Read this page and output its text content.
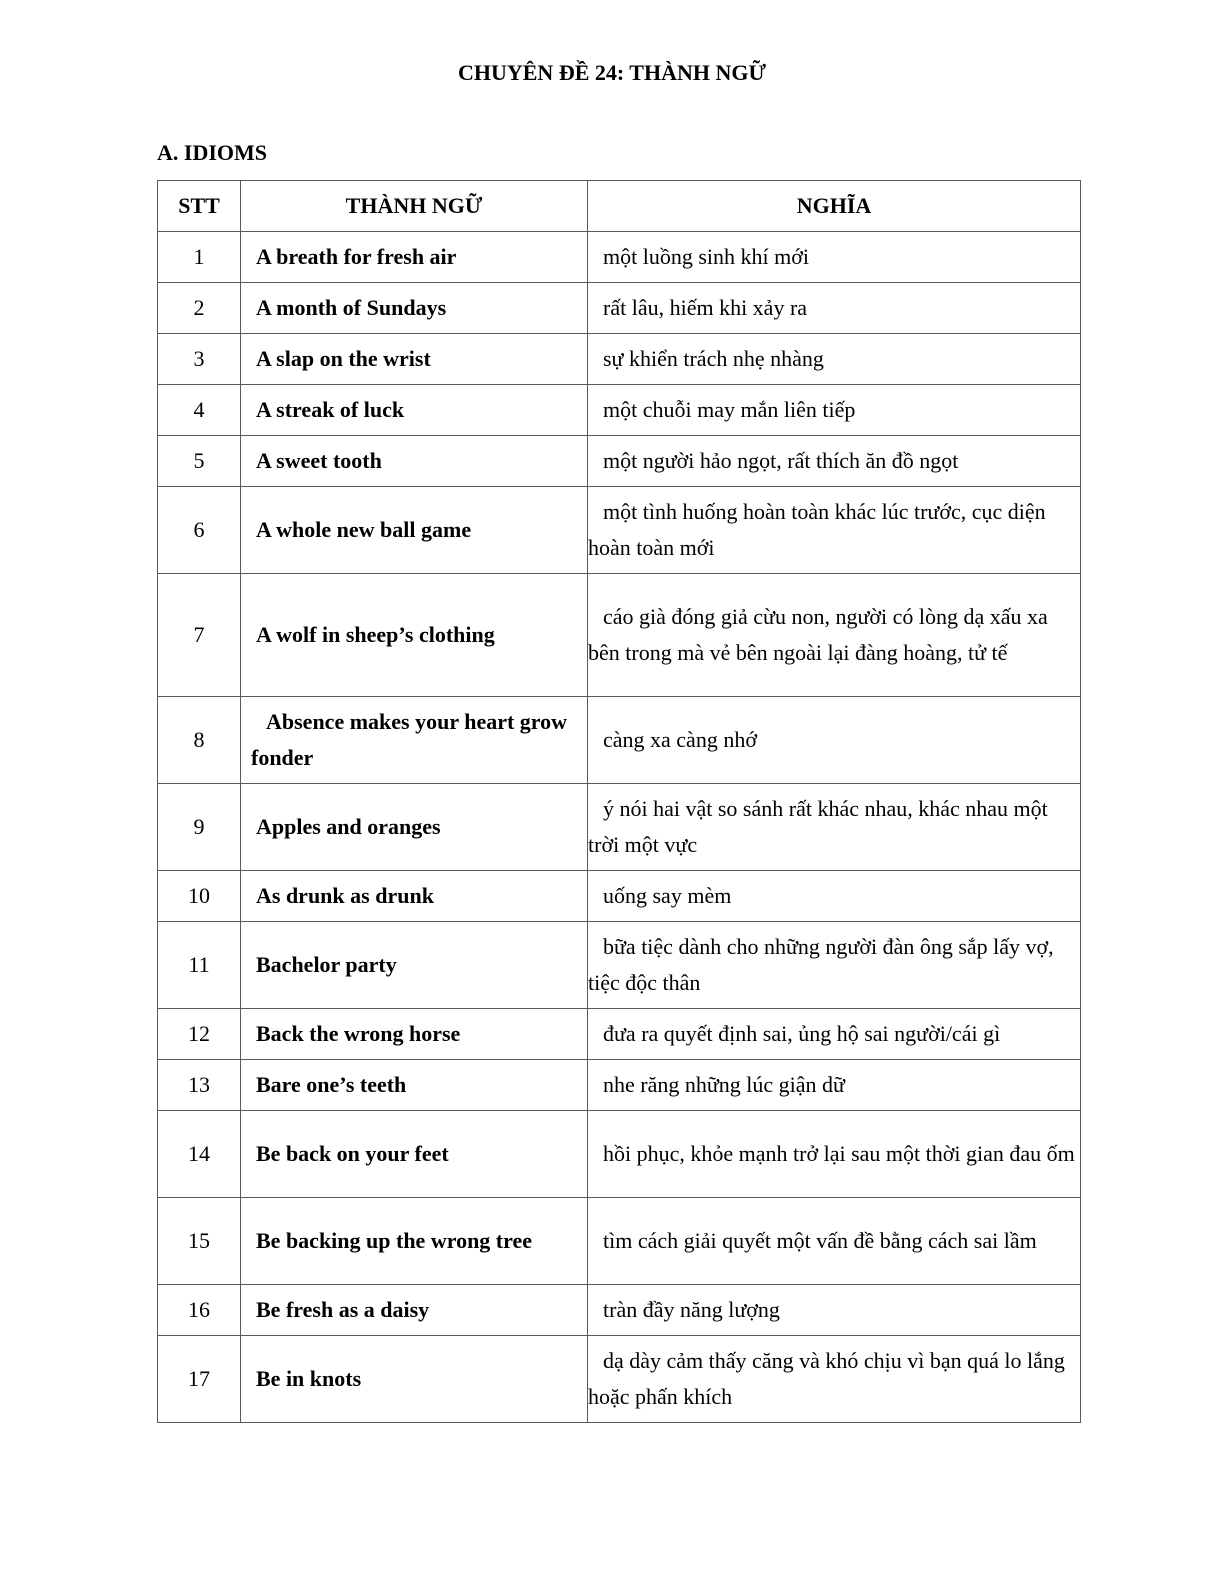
CHUYÊN ĐỀ 24: THÀNH NGỮ
A. IDIOMS
STT	THÀNH NGỮ	NGHĨA
1	A breath for fresh air	một luồng sinh khí mới

2	A month of Sundays	rất lâu, hiếm khi xảy ra

3	A slap on the wrist	sự khiển trách nhẹ nhàng

4	A streak of luck	một chuỗi may mắn liên tiếp

5	A sweet tooth	một người hảo ngọt, rất thích ăn đồ ngọt

6	A whole new ball game	một tình huống hoàn toàn khác lúc trước, cục diện hoàn toàn mới

7	A wolf in sheep’s clothing	cáo già đóng giả cừu non, người có lòng dạ xấu xa bên trong mà vẻ bên ngoài lại đàng hoàng, tử tế

8	Absence makes your heart grow fonder	càng xa càng nhớ

9	Apples and oranges	ý nói hai vật so sánh rất khác nhau, khác nhau một trời một vực

10	As drunk as drunk	uống say mèm

11	Bachelor party	bữa tiệc dành cho những người đàn ông sắp lấy vợ, tiệc độc thân

12	Back the wrong horse	đưa ra quyết định sai, ủng hộ sai người/cái gì

13	Bare one’s teeth	nhe răng những lúc giận dữ

14	Be back on your feet	hồi phục, khỏe mạnh trở lại sau một thời gian đau ốm

15	Be backing up the wrong tree	tìm cách giải quyết một vấn đề bằng cách sai lầm

16	Be fresh as a daisy	tràn đầy năng lượng

17	Be in knots	dạ dày cảm thấy căng và khó chịu vì bạn quá lo lắng hoặc phấn khích
